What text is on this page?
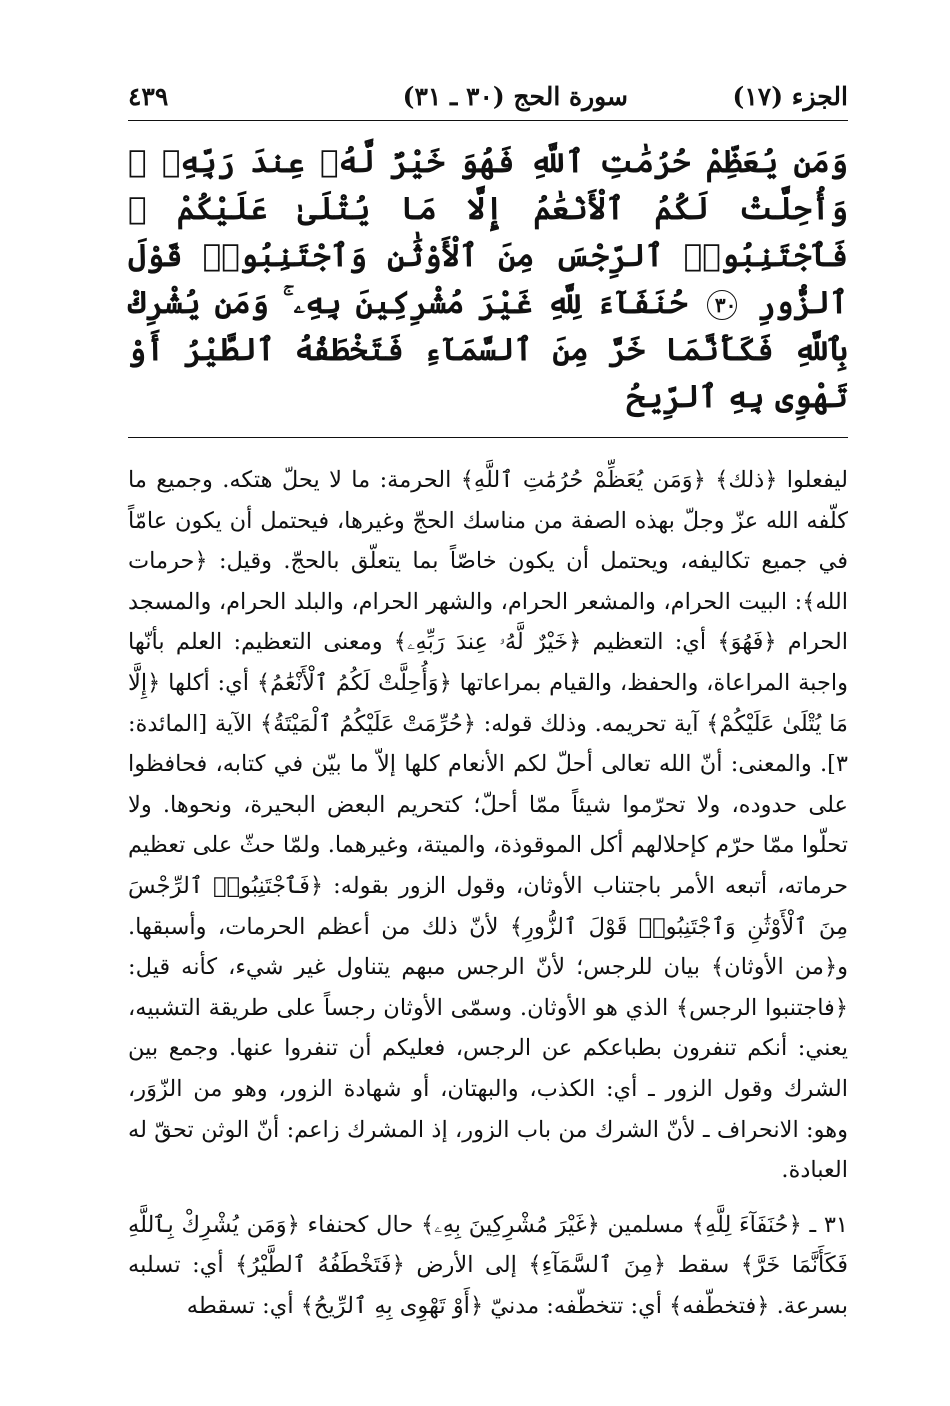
الجزء (١٧)
سورة الحج (٣٠ ـ ٣١)
٤٣٩
وَمَن يُعَظِّمْ حُرُمَٰتِ ٱللَّهِ فَهُوَ خَيْرٌ لَّهُۥ عِندَ رَبِّهِۦ ۗ وَأُحِلَّتْ لَكُمُ ٱلْأَنْعَٰمُ إِلَّا مَا يُتْلَىٰ عَلَيْكُمْ ۖ فَٱجْتَنِبُوا۟ ٱلرِّجْسَ مِنَ ٱلْأَوْثَٰنِ وَٱجْتَنِبُوا۟ قَوْلَ ٱلزُّورِ ٣٠ حُنَفَآءَ لِلَّهِ غَيْرَ مُشْرِكِينَ بِهِۦ ۚ وَمَن يُشْرِكْ بِٱللَّهِ فَكَأَنَّمَا خَرَّ مِنَ ٱلسَّمَآءِ فَتَخْطَفُهُ ٱلطَّيْرُ أَوْ تَهْوِى بِهِ ٱلرِّيحُ

ليفعلوا ﴿ذلك﴾ ﴿وَمَن يُعَظِّمْ حُرُمَٰتِ ٱللَّهِ﴾ الحرمة: ما لا يحلّ هتكه. وجميع ما كلّفه الله عزّ وجلّ بهذه الصفة من مناسك الحجّ وغيرها، فيحتمل أن يكون عامّاً في جميع تكاليفه، ويحتمل أن يكون خاصّاً بما يتعلّق بالحجّ. وقيل: ﴿حرمات الله﴾: البيت الحرام، والمشعر الحرام، والشهر الحرام، والبلد الحرام، والمسجد الحرام ﴿فَهُوَ﴾ أي: التعظيم ﴿خَيْرٌ لَّهُۥ عِندَ رَبِّهِۦ﴾ ومعنى التعظيم: العلم بأنّها واجبة المراعاة، والحفظ، والقيام بمراعاتها ﴿وَأُحِلَّتْ لَكُمُ ٱلْأَنْعَٰمُ﴾ أي: أكلها ﴿إِلَّا مَا يُتْلَىٰ عَلَيْكُمْ﴾ آية تحريمه. وذلك قوله: ﴿حُرِّمَتْ عَلَيْكُمُ ٱلْمَيْتَةُ﴾ الآية [المائدة: ٣]. والمعنى: أنّ الله تعالى أحلّ لكم الأنعام كلها إلاّ ما بيّن في كتابه، فحافظوا على حدوده، ولا تحرّموا شيئاً ممّا أحلّ؛ كتحريم البعض البحيرة، ونحوها. ولا تحلّوا ممّا حرّم كإحلالهم أكل الموقوذة، والميتة، وغيرهما. ولمّا حثّ على تعظيم حرماته، أتبعه الأمر باجتناب الأوثان، وقول الزور بقوله: ﴿فَٱجْتَنِبُوا۟ ٱلرِّجْسَ مِنَ ٱلْأَوْثَٰنِ وَٱجْتَنِبُوا۟ قَوْلَ ٱلزُّورِ﴾ لأنّ ذلك من أعظم الحرمات، وأسبقها. و﴿من الأوثان﴾ بيان للرجس؛ لأنّ الرجس مبهم يتناول غير شيء، كأنه قيل: ﴿فاجتنبوا الرجس﴾ الذي هو الأوثان. وسمّى الأوثان رجساً على طريقة التشبيه، يعني: أنكم تنفرون بطباعكم عن الرجس، فعليكم أن تنفروا عنها. وجمع بين الشرك وقول الزور ـ أي: الكذب، والبهتان، أو شهادة الزور، وهو من الزّوَر، وهو: الانحراف ـ لأنّ الشرك من باب الزور، إذ المشرك زاعم: أنّ الوثن تحقّ له العبادة.

٣١ ـ ﴿حُنَفَآءَ لِلَّهِ﴾ مسلمين ﴿غَيْرَ مُشْرِكِينَ بِهِۦ﴾ حال كحنفاء ﴿وَمَن يُشْرِكْ بِٱللَّهِ فَكَأَنَّمَا خَرَّ﴾ سقط ﴿مِنَ ٱلسَّمَآءِ﴾ إلى الأرض ﴿فَتَخْطَفُهُ ٱلطَّيْرُ﴾ أي: تسلبه بسرعة. ﴿فتخطّفه﴾ أي: تتخطّفه: مدنيّ ﴿أَوْ تَهْوِى بِهِ ٱلرِّيحُ﴾ أي: تسقطه
